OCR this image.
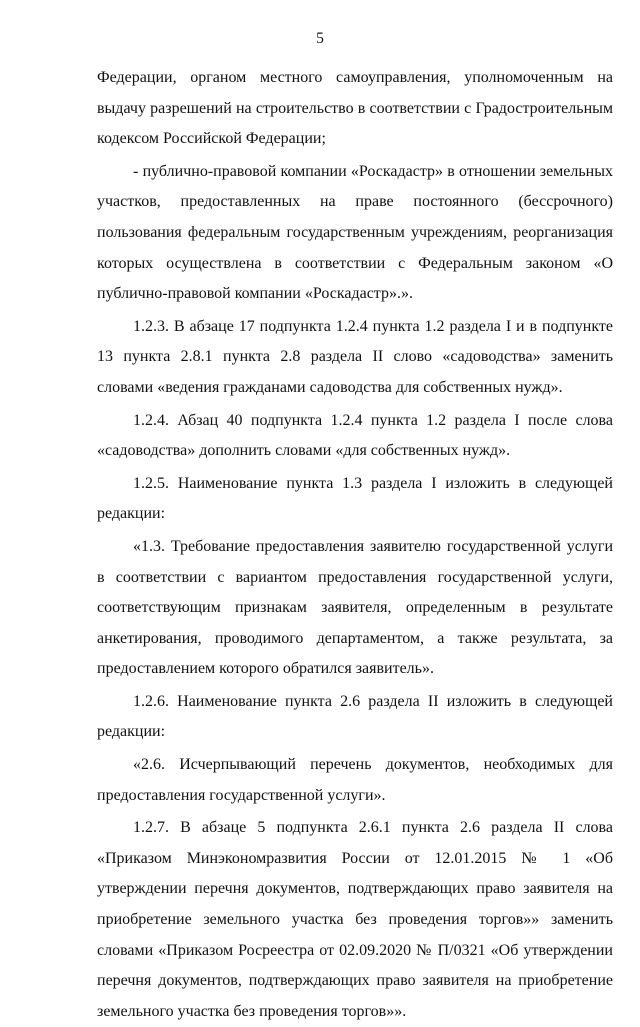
5

Федерации, органом местного самоуправления, уполномоченным на выдачу разрешений на строительство в соответствии с Градостроительным кодексом Российской Федерации;

- публично-правовой компании «Роскадастр» в отношении земельных участков, предоставленных на праве постоянного (бессрочного) пользования федеральным государственным учреждениям, реорганизация которых осуществлена в соответствии с Федеральным законом «О публично-правовой компании «Роскадастр».».

1.2.3. В абзаце 17 подпункта 1.2.4 пункта 1.2 раздела I и в подпункте 13 пункта 2.8.1 пункта 2.8 раздела II слово «садоводства» заменить словами «ведения гражданами садоводства для собственных нужд».

1.2.4. Абзац 40 подпункта 1.2.4 пункта 1.2 раздела I после слова «садоводства» дополнить словами «для собственных нужд».

1.2.5. Наименование пункта 1.3 раздела I изложить в следующей редакции:

«1.3. Требование предоставления заявителю государственной услуги в соответствии с вариантом предоставления государственной услуги, соответствующим признакам заявителя, определенным в результате анкетирования, проводимого департаментом, а также результата, за предоставлением которого обратился заявитель».

1.2.6. Наименование пункта 2.6 раздела II изложить в следующей редакции:

«2.6. Исчерпывающий перечень документов, необходимых для предоставления государственной услуги».

1.2.7. В абзаце 5 подпункта 2.6.1 пункта 2.6 раздела II слова «Приказом Минэкономразвития России от 12.01.2015 № 1 «Об утверждении перечня документов, подтверждающих право заявителя на приобретение земельного участка без проведения торгов»» заменить словами «Приказом Росреестра от 02.09.2020 № П/0321 «Об утверждении перечня документов, подтверждающих право заявителя на приобретение земельного участка без проведения торгов»».
